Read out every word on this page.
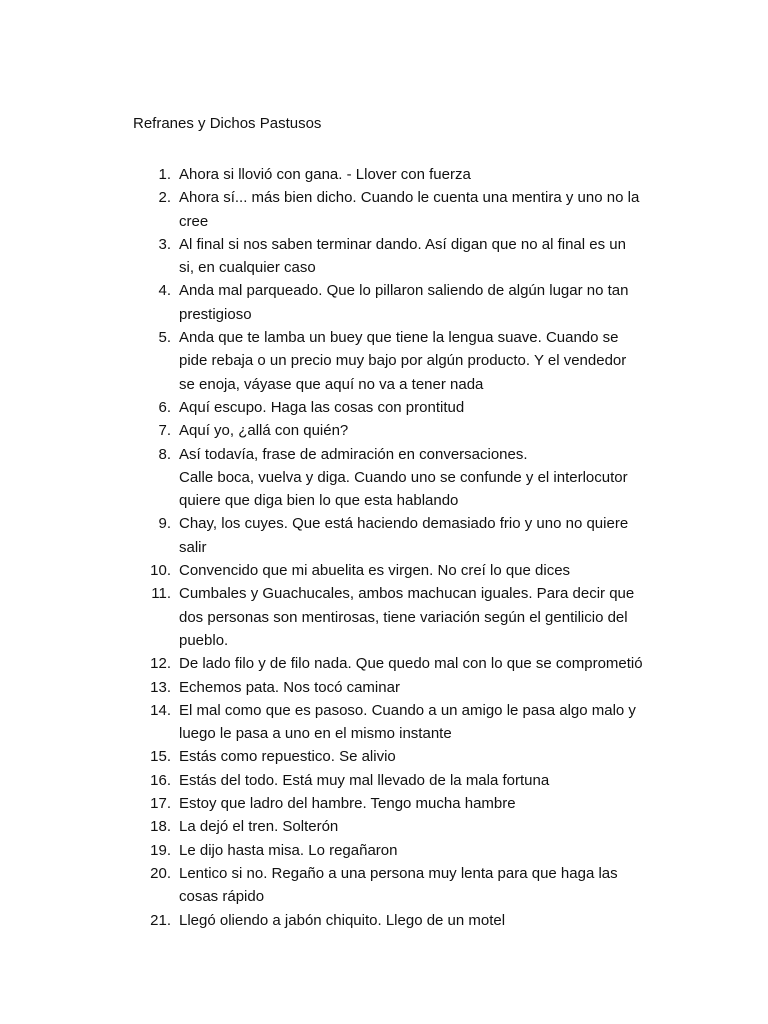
Refranes y Dichos Pastusos
1. Ahora si llovió con gana. - Llover con fuerza
2. Ahora sí... más bien dicho. Cuando le cuenta una mentira y uno no la
cree
3. Al final si nos saben terminar dando. Así digan que no al final es un
si, en cualquier caso
4. Anda mal parqueado. Que lo pillaron saliendo de algún lugar no tan
prestigioso
5. Anda que te lamba un buey que tiene la lengua suave. Cuando se
pide rebaja o un precio muy bajo por algún producto. Y el vendedor
se enoja, váyase que aquí no va a tener nada
6. Aquí escupo. Haga las cosas con prontitud
7. Aquí yo, ¿allá con quién?
8. Así todavía, frase de admiración en conversaciones.
Calle boca, vuelva y diga. Cuando uno se confunde y el interlocutor
quiere que diga bien lo que esta hablando
9. Chay, los cuyes. Que está haciendo demasiado frio y uno no quiere
salir
10. Convencido que mi abuelita es virgen. No creí lo que dices
11. Cumbales y Guachucales, ambos machucan iguales. Para decir que
dos personas son mentirosas, tiene variación según el gentilicio del
pueblo.
12. De lado filo y de filo nada. Que quedo mal con lo que se comprometió
13. Echemos pata. Nos tocó caminar
14. El mal como que es pasoso. Cuando a un amigo le pasa algo malo y
luego le pasa a uno en el mismo instante
15. Estás como repuestico. Se alivio
16. Estás del todo. Está muy mal llevado de la mala fortuna
17. Estoy que ladro del hambre. Tengo mucha hambre
18. La dejó el tren. Solterón
19. Le dijo hasta misa. Lo regañaron
20. Lentico si no. Regaño a una persona muy lenta para que haga las
cosas rápido
21. Llegó oliendo a jabón chiquito. Llego de un motel
